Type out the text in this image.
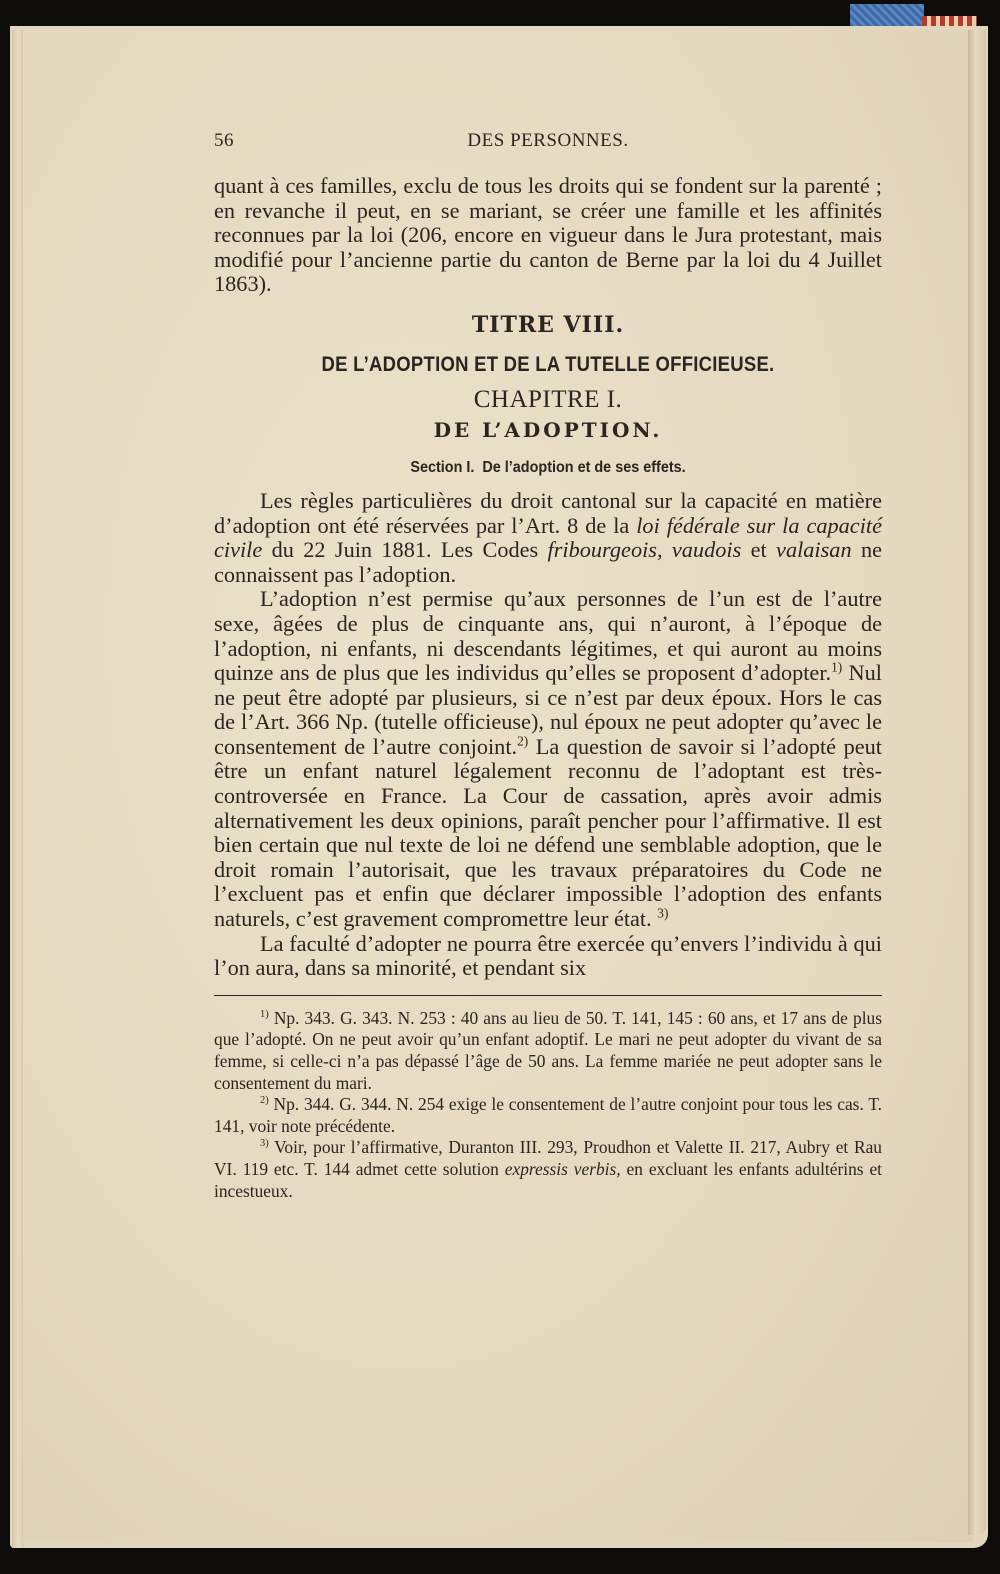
56	DES PERSONNES.

quant à ces familles, exclu de tous les droits qui se fondent sur la parenté ; en revanche il peut, en se mariant, se créer une famille et les affinités reconnues par la loi (206, encore en vigueur dans le Jura protestant, mais modifié pour l’ancienne partie du canton de Berne par la loi du 4 Juillet 1863).

TITRE VIII.
DE L’ADOPTION ET DE LA TUTELLE OFFICIEUSE.
CHAPITRE I.
DE L’ADOPTION.
Section I.  De l’adoption et de ses effets.

Les règles particulières du droit cantonal sur la capacité en matière d’adoption ont été réservées par l’Art. 8 de la loi fédérale sur la capacité civile du 22 Juin 1881. Les Codes fribourgeois, vaudois et valaisan ne connaissent pas l’adoption.

L’adoption n’est permise qu’aux personnes de l’un est de l’autre sexe, âgées de plus de cinquante ans, qui n’auront, à l’époque de l’adoption, ni enfants, ni descendants légitimes, et qui auront au moins quinze ans de plus que les individus qu’elles se proposent d’adopter.$^{1)}$ Nul ne peut être adopté par plusieurs, si ce n’est par deux époux. Hors le cas de l’Art. 366 Np. (tutelle officieuse), nul époux ne peut adopter qu’avec le consentement de l’autre conjoint.$^{2)}$ La question de savoir si l’adopté peut être un enfant naturel légalement reconnu de l’adoptant est très-controversée en France. La Cour de cassation, après avoir admis alternativement les deux opinions, paraît pencher pour l’affirmative. Il est bien certain que nul texte de loi ne défend une semblable adoption, que le droit romain l’autorisait, que les travaux préparatoires du Code ne l’excluent pas et enfin que déclarer impossible l’adoption des enfants naturels, c’est gravement compromettre leur état. $^{3)}$

La faculté d’adopter ne pourra être exercée qu’envers l’individu à qui l’on aura, dans sa minorité, et pendant six

$^{1)}$ Np. 343. G. 343. N. 253 : 40 ans au lieu de 50. T. 141, 145 : 60 ans, et 17 ans de plus que l’adopté. On ne peut avoir qu’un enfant adoptif. Le mari ne peut adopter du vivant de sa femme, si celle-ci n’a pas dépassé l’âge de 50 ans. La femme mariée ne peut adopter sans le consentement du mari.

$^{2)}$ Np. 344. G. 344. N. 254 exige le consentement de l’autre conjoint pour tous les cas. T. 141, voir note précédente.

$^{3)}$ Voir, pour l’affirmative, Duranton III. 293, Proudhon et Valette II. 217, Aubry et Rau VI. 119 etc. T. 144 admet cette solution expressis verbis, en excluant les enfants adultérins et incestueux.
